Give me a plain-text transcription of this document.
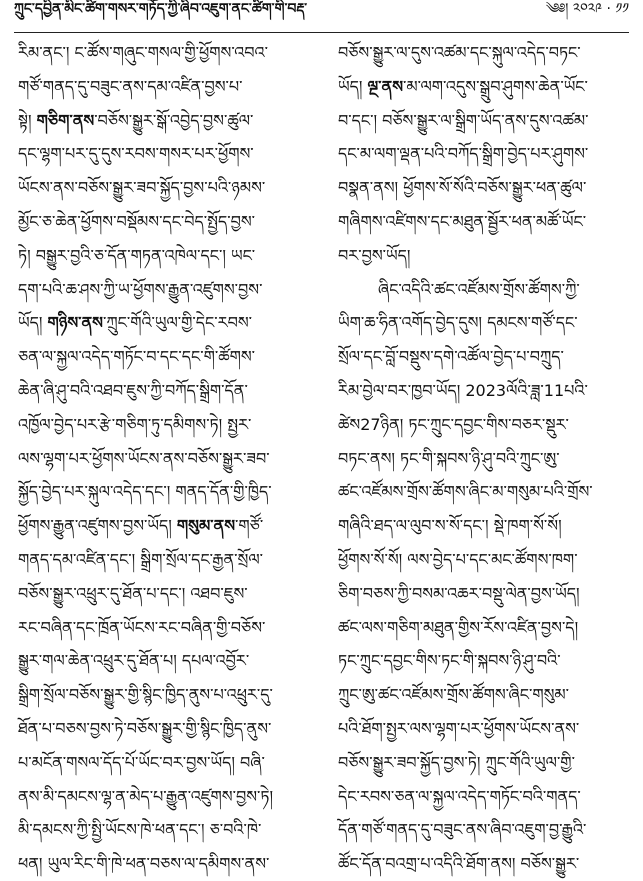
ཀྲུང་དབྱིན་མིང་ཚིག་གསར་གཏོད་ཀྱི་ཞིབ་འཇུག་ནང་ཚིག་གི་བརྡ་	༄༅། ༢༠༢༩ · ༡༡
རིམ་ནང་། ང་ཚོས་གཞུང་གསལ་གྱི་ཕྱོགས་འབའ་
གཙོ་གནད་དུ་བཟུང་ནས་དམ་འཛིན་བྱས་པ་
སྟེ། གཅིག་ནས་བཅོས་སྒྱུར་སྒོ་འབྱེད་བྱས་ཚུལ་
དང་ལྷག་པར་དུ་དུས་རབས་གསར་པར་ཕྱོགས་
ཡོངས་ནས་བཅོས་སྒྱུར་ཟབ་སྐྱོད་བྱས་པའི་ཉམས་
མྱོང་ཅ་ཆེན་ཕྱོགས་བསྡོམས་དང་བེད་སྤྱོད་བྱས་
ཏེ། བསྒྱུར་བྱའི་ཅ་དོན་གཏན་འཁེལ་དང་། ཡང་
དག་པའི་ཆ་ཤས་ཀྱི་ཡ་ཕྱོགས་རྒྱུན་འཛུགས་བྱས་
ཡོད། གཉིས་ནས་ཀྲུང་གོའི་ཡུལ་གྱི་དེང་རབས་
ཅན་ལ་སྐྱལ་འདེད་གཏོང་བ་དང་དང་གི་ཚོགས་
ཆེན་ཞི་ཤུ་བའི་འཐབ་ཇུས་ཀྱི་བཀོད་སྒྲིག་དོན་
འཁྱོལ་བྱེད་པར་རྩེ་གཅིག་ཏུ་དམིགས་ཏེ། སྤྱར་
ལས་ལྷག་པར་ཕྱོགས་ཡོངས་ནས་བཅོས་སྒྱུར་ཟབ་
སྐྱོད་བྱེད་པར་སྐུལ་འདེད་དང་། གནད་དོན་གྱི་ཁྱིད་
ཕྱོགས་རྒྱུན་འཛུགས་བྱས་ཡོད། གསུམ་ནས་གཙོ་
གནད་དམ་འཛིན་དང་། སྒྲིག་སྲོལ་དང་རྒྱན་སྲོལ་
བཅོས་སྒྱུར་འཕྲུར་དུ་ཐོན་པ་དང་། འཐབ་ཇུས་
རང་བཞིན་དང་ཁྲོན་ཡོངས་རང་བཞིན་གྱི་བཅོས་
སྒྱུར་གལ་ཆེན་འཕྲུར་དུ་ཐོན་པ། དཔལ་འབྱོར་
སྒྲིག་སྲོལ་བཅོས་སྒྱུར་གྱི་སྙིང་ཁྱིད་ནུས་པ་འཕྲུར་དུ་
ཐོན་པ་བཅས་བྱས་ཏེ་བཅོས་སྒྱུར་གྱི་སྙིང་ཁྱིད་ནུས་
པ་མངོན་གསལ་དོད་པོ་ཡོང་བར་བྱས་ཡོད། བཞི་
ནས་མི་དམངས་ལྷ་ན་མེད་པ་རྒྱུན་འཛུགས་བྱས་ཏེ།
མི་དམངས་ཀྱི་སྤྱི་ཡོངས་ཁེ་ཕན་དང་། ཅ་བའི་ཁེ་
ཕན། ཡུལ་རིང་གི་ཁེ་ཕན་བཅས་ལ་དམིགས་ནས་
བཅོས་སྒྱུར་ལ་དུས་འཚམ་དང་སྐུལ་འདེད་བཏང་
ཡོད། ལྔ་ནས་མ་ལག་འདུས་སྒྲུབ་ཤུགས་ཆེན་ཡོང་
བ་དང་། བཅོས་སྒྱུར་ལ་སྒྲིག་ཡོད་ནས་དུས་འཚམ་
དང་མ་ལག་ལྡན་པའི་བཀོད་སྒྲིག་བྱེད་པར་ཤུགས་
བསྣན་ནས། ཕྱོགས་སོ་སོའི་བཅོས་སྒྱུར་ཕན་ཚུལ་
གཞིགས་འཛིགས་དང་མཐུན་སྦྱོར་ཕན་མཚོ་ཡོང་
བར་བྱས་ཡོད།
ཞིང་འདིའི་ཚང་འཛོམས་གྲོས་ཚོགས་ཀྱི་
ཡིག་ཆ་ཧིན་འགོད་བྱེད་དུས། དམངས་གཙོ་དང་
སྲོལ་དང་བློ་བསྡུས་དགེ་འཚོལ་བྱེད་པ་བཀྲུད་
རིམ་བྱེལ་བར་ཁྱབ་ཡོད། 2023ལོའི་ཟླ་11པའི་
ཚེས27ཉིན། ཏང་ཀྲུང་དབྱང་གིས་བཅར་སྡུར་
བཏང་ནས། ཏང་གི་སྐབས་ཉི་ཤུ་བའི་ཀྲུང་ཨུ་
ཚང་འཛོམས་གྲོས་ཚོགས་ཞིང་མ་གསུམ་པའི་གྲོས་
གཞིའི་ཐད་ལ་ལུབ་ས་སོ་དང་། སྡེ་ཁག་སོ་སོ།
ཕྱོགས་སོ་སོ། ལས་བྱེད་པ་དང་མང་ཚོགས་ཁག་
ཅིག་བཅས་ཀྱི་བསམ་འཆར་བསྡུ་ལེན་བྱས་ཡོད།
ཚང་ལས་གཅིག་མཐུན་གྱིས་རོས་འཛིན་བྱས་དེ།
ཏང་ཀྲུང་དབྱང་གིས་ཏང་གི་སྐབས་ཉི་ཤུ་བའི་
ཀྲུང་ཨུ་ཚང་འཛོམས་གྲོས་ཚོགས་ཞིང་གསུམ་
པའི་ཐོག་སྤྱར་ལས་ལྷག་པར་ཕྱོགས་ཡོངས་ནས་
བཅོས་སྒྱུར་ཟབ་སྐྱོད་བྱས་ཏེ། ཀྲུང་གོའི་ཡུལ་གྱི་
དེང་རབས་ཅན་ལ་སྐྱལ་འདེད་གཏོང་བའི་གནད་
དོན་གཙོ་གནད་དུ་བཟུང་ནས་ཞིབ་འཇུག་བྱ་རྒྱུའི་
ཚོང་དོན་བའགྲ་པ་འདིའི་ཐོག་ནས། བཅོས་སྒྱུར་
